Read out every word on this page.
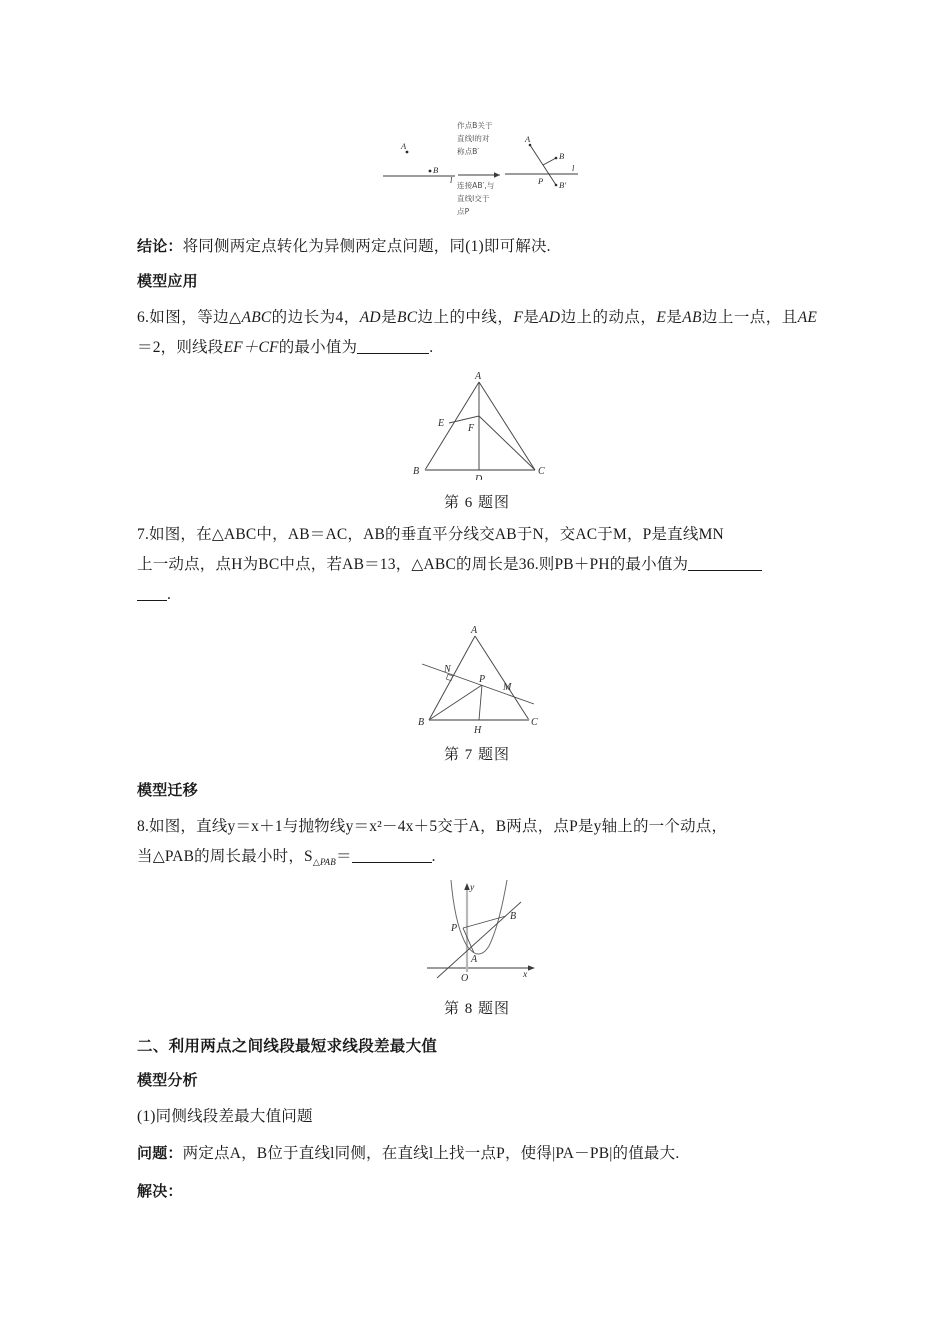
A
B
l
作点B关于
直线l的对
称点B′
连接AB′,与
直线l交于
点P
A
B
B′
P
l

结论：将同侧两定点转化为异侧两定点问题，同(1)即可解决.

模型应用

6.如图，等边△ABC的边长为4，AD是BC边上的中线，F是AD边上的动点，E是AB边上一点，且AE＝2，则线段EF＋CF的最小值为	.

A
B	C
D
E F
第 6 题图

7.如图，在△ABC中，AB＝AC，AB的垂直平分线交AB于N，交AC于M，P是直线MN

上一动点，点H为BC中点，若AB＝13，△ABC的周长是36.则PB＋PH的最小值为

.

A
B	C
N
M
P
H
第 7 题图

模型迁移

8.如图，直线y＝x＋1与抛物线y＝x²－4x＋5交于A，B两点，点P是y轴上的一个动点，

当△PAB的周长最小时，$S_{\triangle PAB}=$	.

y
x
O
P
A
B
第 8 题图

二、利用两点之间线段最短求线段差最大值

模型分析

(1)同侧线段差最大值问题

问题：两定点A，B位于直线l同侧，在直线l上找一点P，使得|PA－PB|的值最大.

解决：
